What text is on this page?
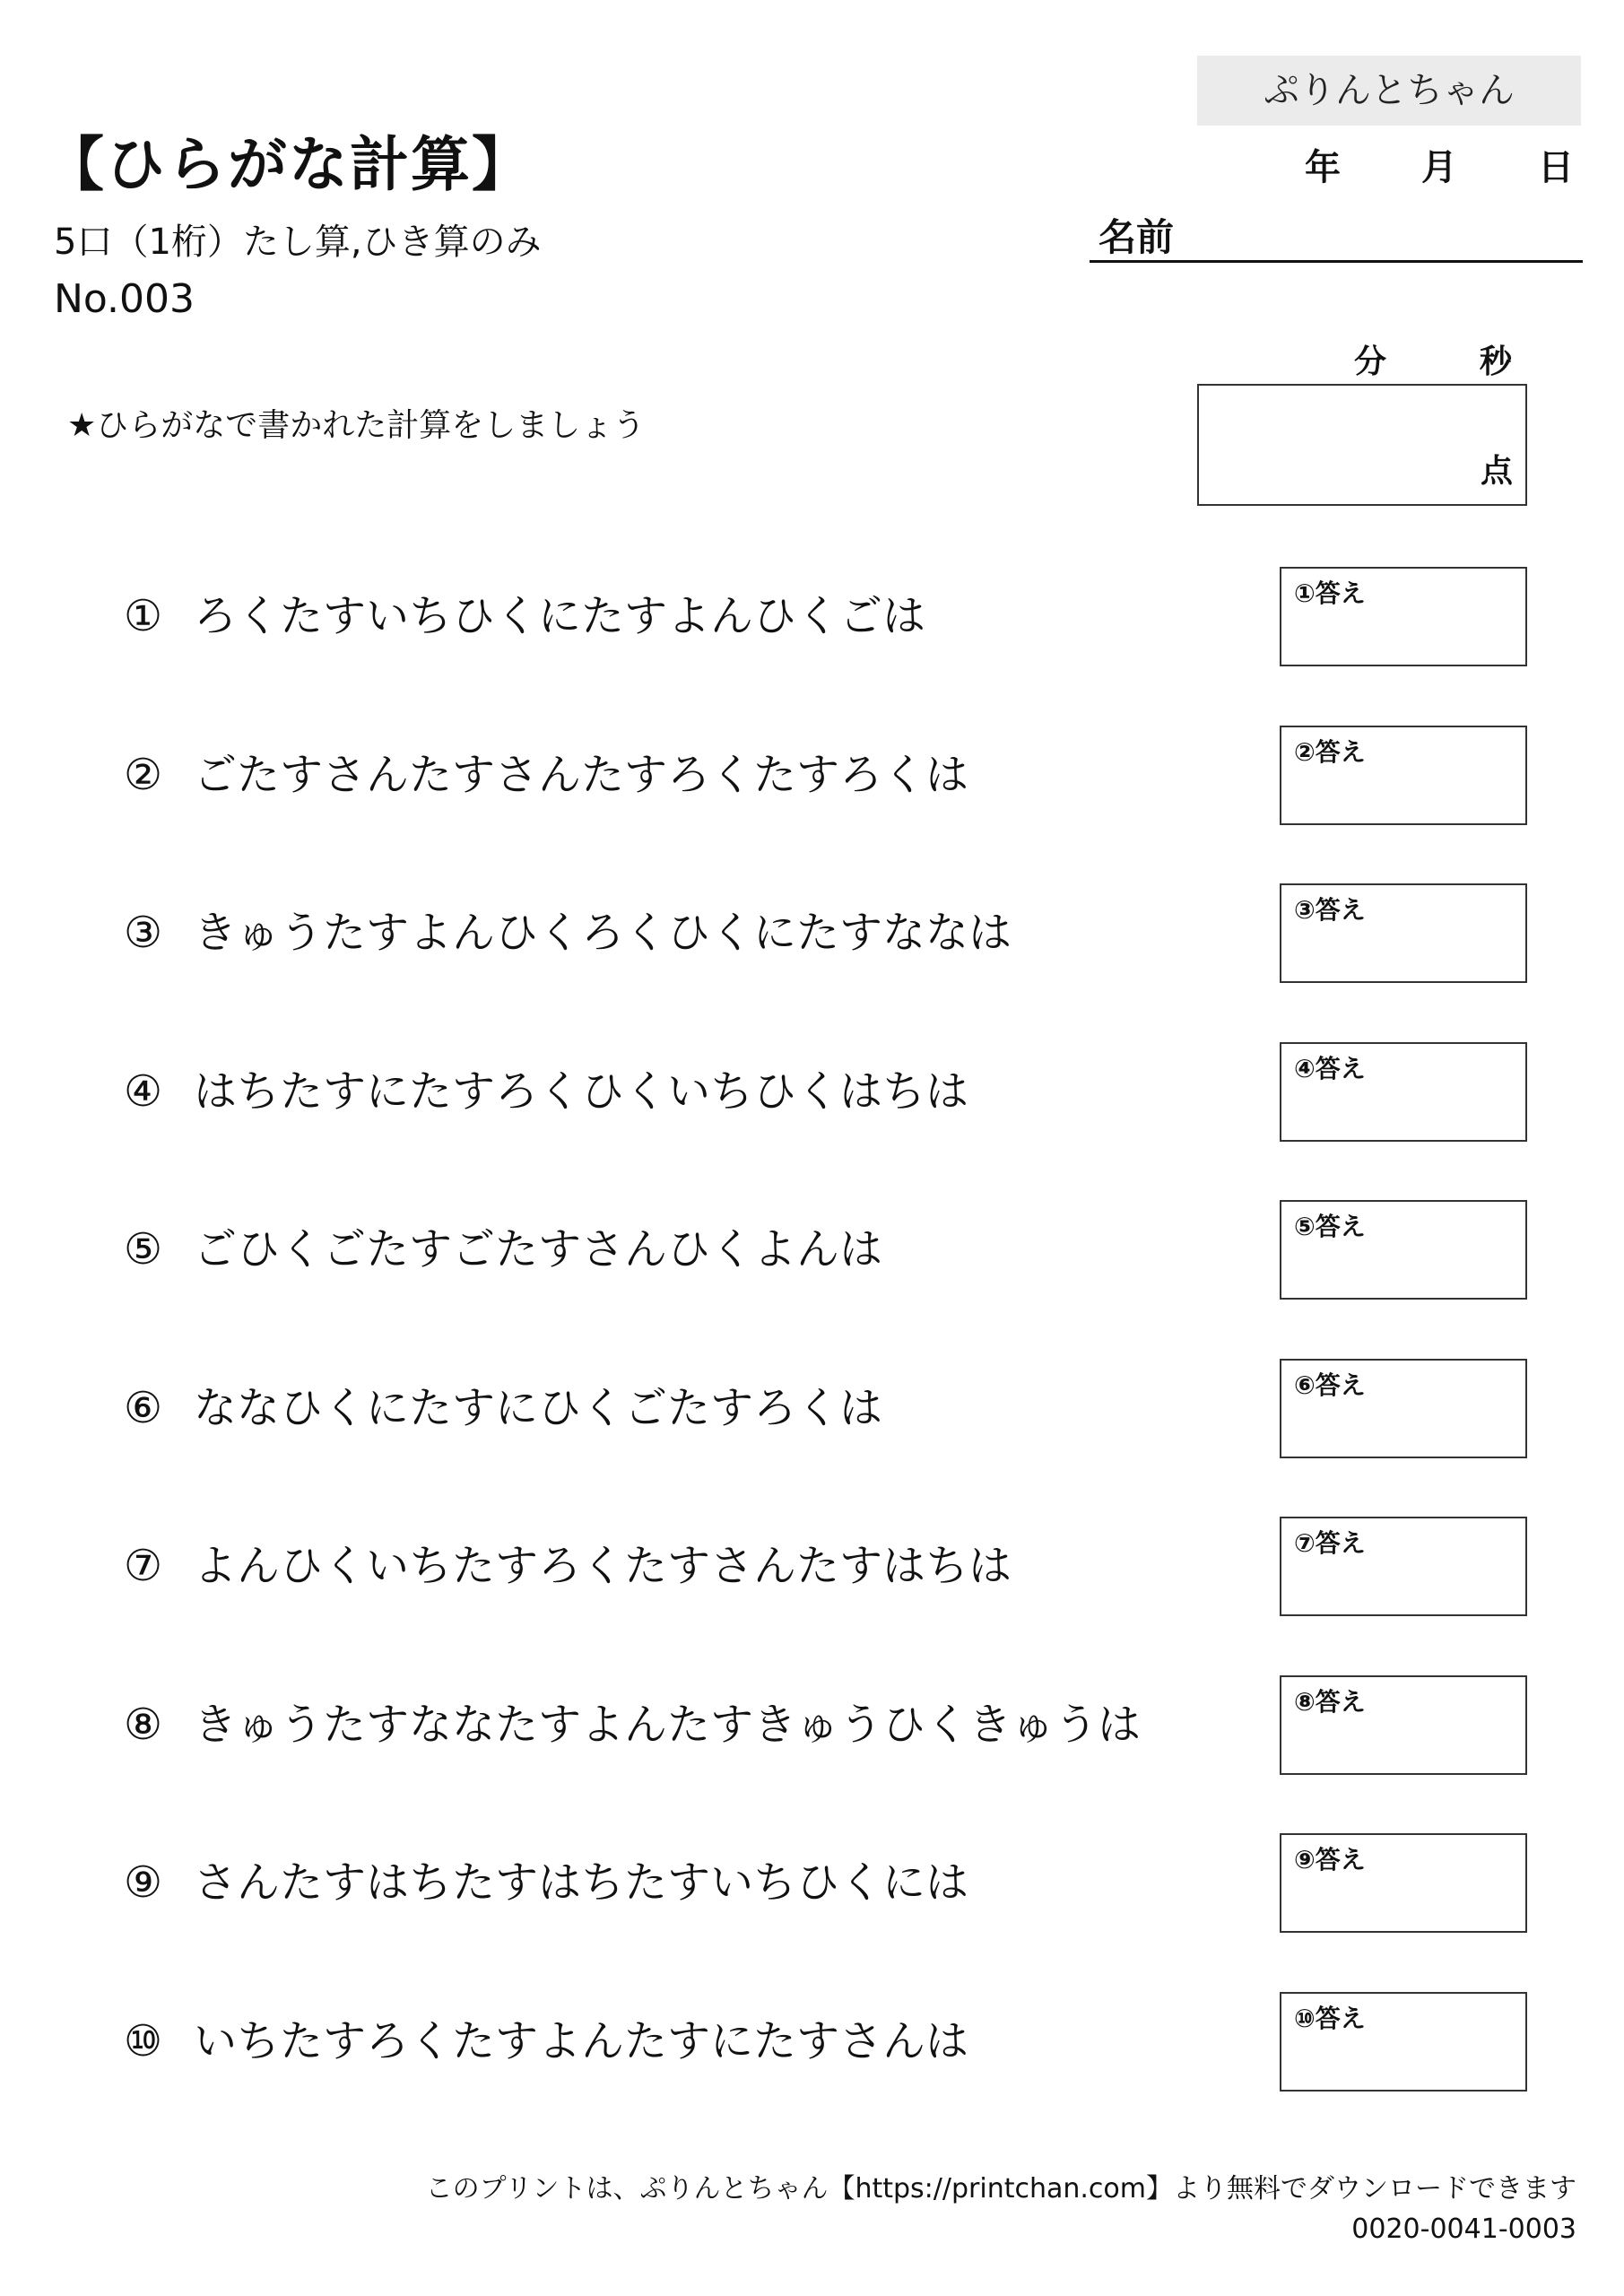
ぷりんとちゃん
【ひらがな計算】	年 月 日
5口（1桁）たし算,ひき算のみ	名前
No.003
分	秒
★ひらがなで書かれた計算をしましょう
点
① ろくたすいちひくにたすよんひくごは	①答え
② ごたすさんたすさんたすろくたすろくは	②答え
③ きゅうたすよんひくろくひくにたすななは	③答え
④ はちたすにたすろくひくいちひくはちは	④答え
⑤ ごひくごたすごたすさんひくよんは	⑤答え
⑥ ななひくにたすにひくごたすろくは	⑥答え
⑦ よんひくいちたすろくたすさんたすはちは	⑦答え
⑧ きゅうたすななたすよんたすきゅうひくきゅうは	⑧答え
⑨ さんたすはちたすはちたすいちひくには	⑨答え
⑩ いちたすろくたすよんたすにたすさんは	⑩答え
このプリントは、ぷりんとちゃん【https://printchan.com】より無料でダウンロードできます
0020-0041-0003
